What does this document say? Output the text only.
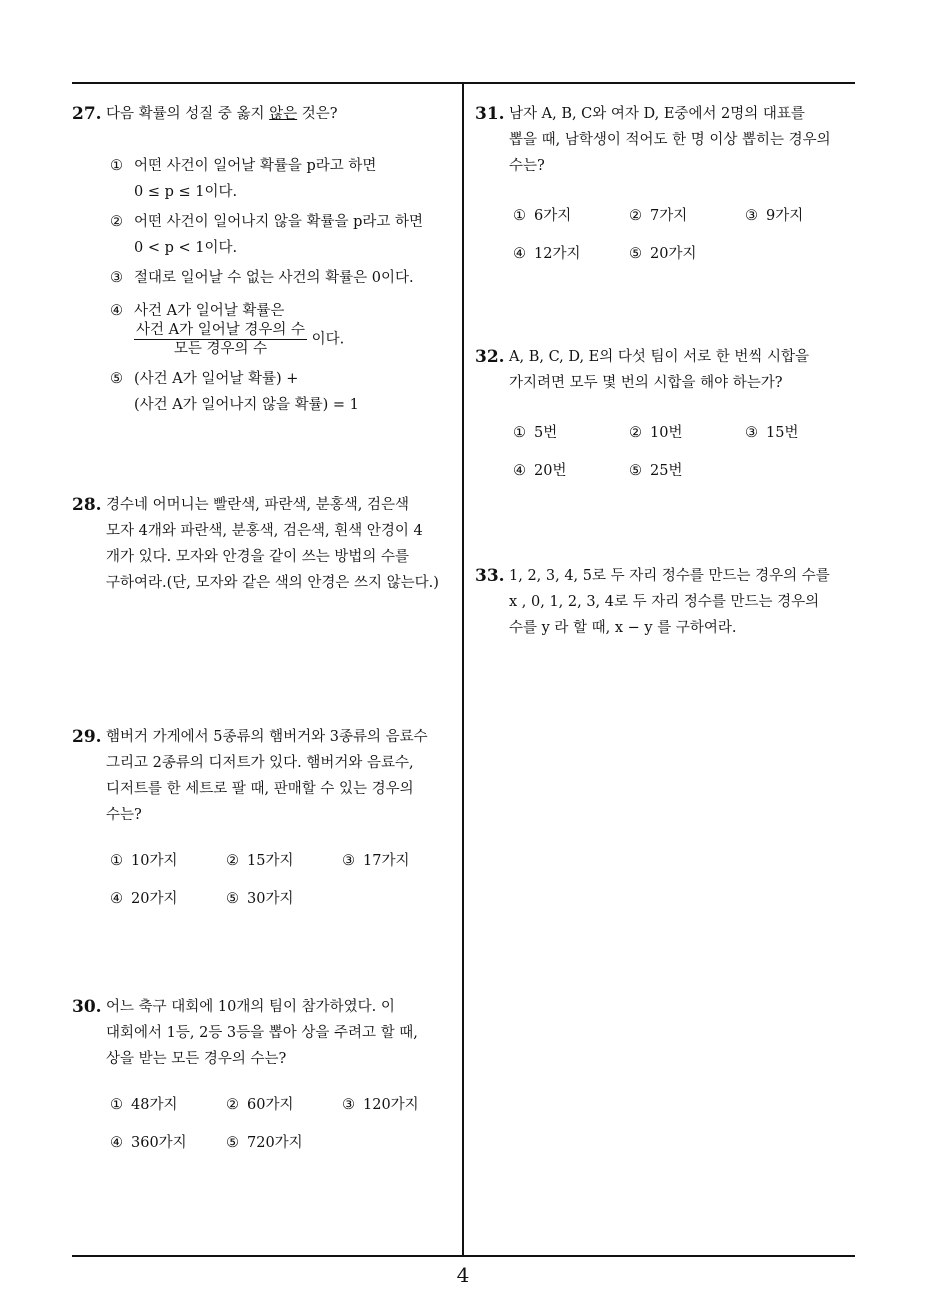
27. 다음 확률의 성질 중 옳지 않은 것은?
① 어떤 사건이 일어날 확률을 p라고 하면
0 ≤ p ≤ 1이다.
② 어떤 사건이 일어나지 않을 확률을 p라고 하면
0 < p < 1이다.
③ 절대로 일어날 수 없는 사건의 확률은 0이다.
④ 사건 A가 일어날 확률은
$\frac{\text{사건 A가 일어날 경우의 수}}{\text{모든 경우의 수}}$ 이다.
⑤ (사건 A가 일어날 확률) +
(사건 A가 일어나지 않을 확률) = 1
28. 경수네 어머니는 빨란색, 파란색, 분홍색, 검은색
모자 4개와 파란색, 분홍색, 검은색, 흰색 안경이 4
개가 있다. 모자와 안경을 같이 쓰는 방법의 수를
구하여라.(단, 모자와 같은 색의 안경은 쓰지 않는다.)
29. 햄버거 가게에서 5종류의 햄버거와 3종류의 음료수
그리고 2종류의 디저트가 있다. 햄버거와 음료수,
디저트를 한 세트로 팔 때, 판매할 수 있는 경우의
수는?
① 10가지	② 15가지	③ 17가지
④ 20가지	⑤ 30가지
30. 어느 축구 대회에 10개의 팀이 참가하였다. 이
대회에서 1등, 2등 3등을 뽑아 상을 주려고 할 때,
상을 받는 모든 경우의 수는?
① 48가지	② 60가지	③ 120가지
④ 360가지	⑤ 720가지
31. 남자 A, B, C와 여자 D, E중에서 2명의 대표를
뽑을 때, 남학생이 적어도 한 명 이상 뽑히는 경우의
수는?
① 6가지	② 7가지	③ 9가지
④ 12가지	⑤ 20가지
32. A, B, C, D, E의 다섯 팀이 서로 한 번씩 시합을
가지려면 모두 몇 번의 시합을 해야 하는가?
① 5번	② 10번	③ 15번
④ 20번	⑤ 25번
33. 1, 2, 3, 4, 5로 두 자리 정수를 만드는 경우의 수를
x , 0, 1, 2, 3, 4로 두 자리 정수를 만드는 경우의
수를 y 라 할 때, x − y 를 구하여라.
4
